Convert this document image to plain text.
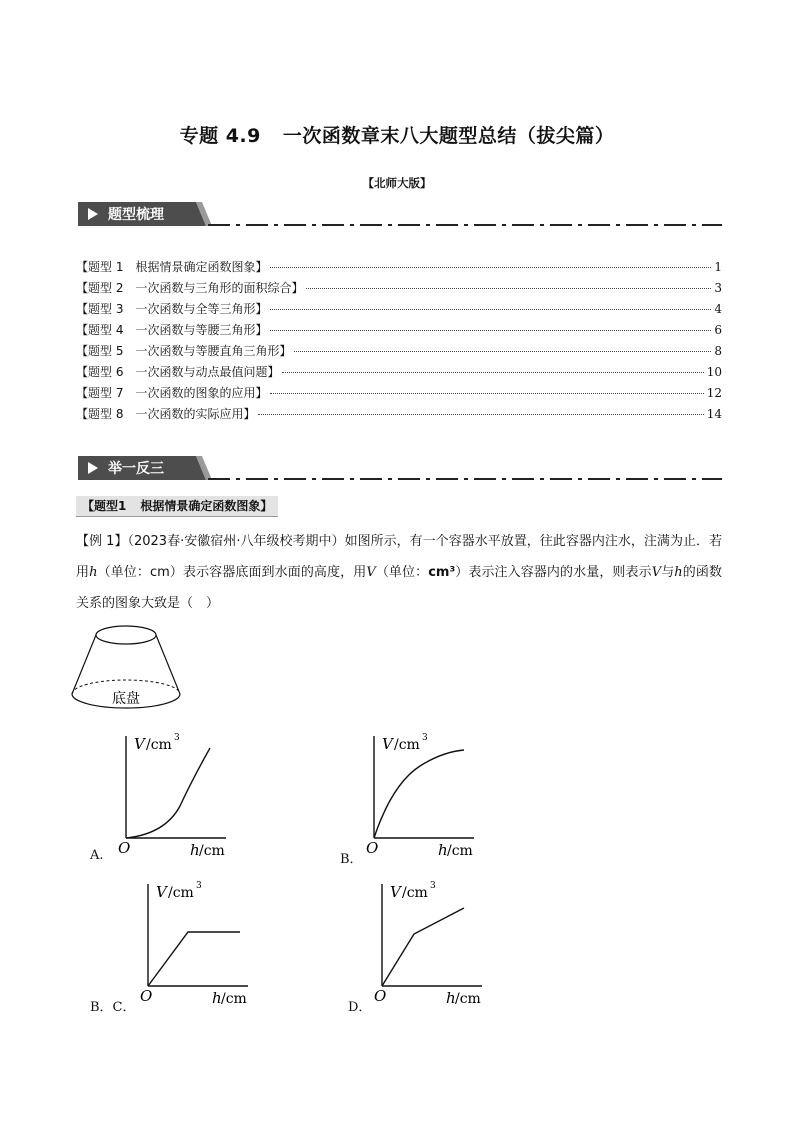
专题 4.9 一次函数章末八大题型总结（拔尖篇）
【北师大版】
题型梳理
【题型 1 根据情景确定函数图象】	1
【题型 2 一次函数与三角形的面积综合】	3
【题型 3 一次函数与全等三角形】	4
【题型 4 一次函数与等腰三角形】	6
【题型 5 一次函数与等腰直角三角形】	8
【题型 6 一次函数与动点最值问题】	10
【题型 7 一次函数的图象的应用】	12
【题型 8 一次函数的实际应用】	14
举一反三
【题型1 根据情景确定函数图象】

【例 1】（2023春·安徽宿州·八年级校考期中）如图所示，有一个容器水平放置，往此容器内注水，注满为止．若用h（单位：cm）表示容器底面到水面的高度，用V（单位：cm³）表示注入容器内的水量，则表示V与h的函数关系的图象大致是（　）

底盘
V /cm 3
O	h /cm
A.
V /cm 3
O	h /cm
B．
V /cm 3
O	h /cm
B．C．
V /cm 3
O	h /cm
D．
